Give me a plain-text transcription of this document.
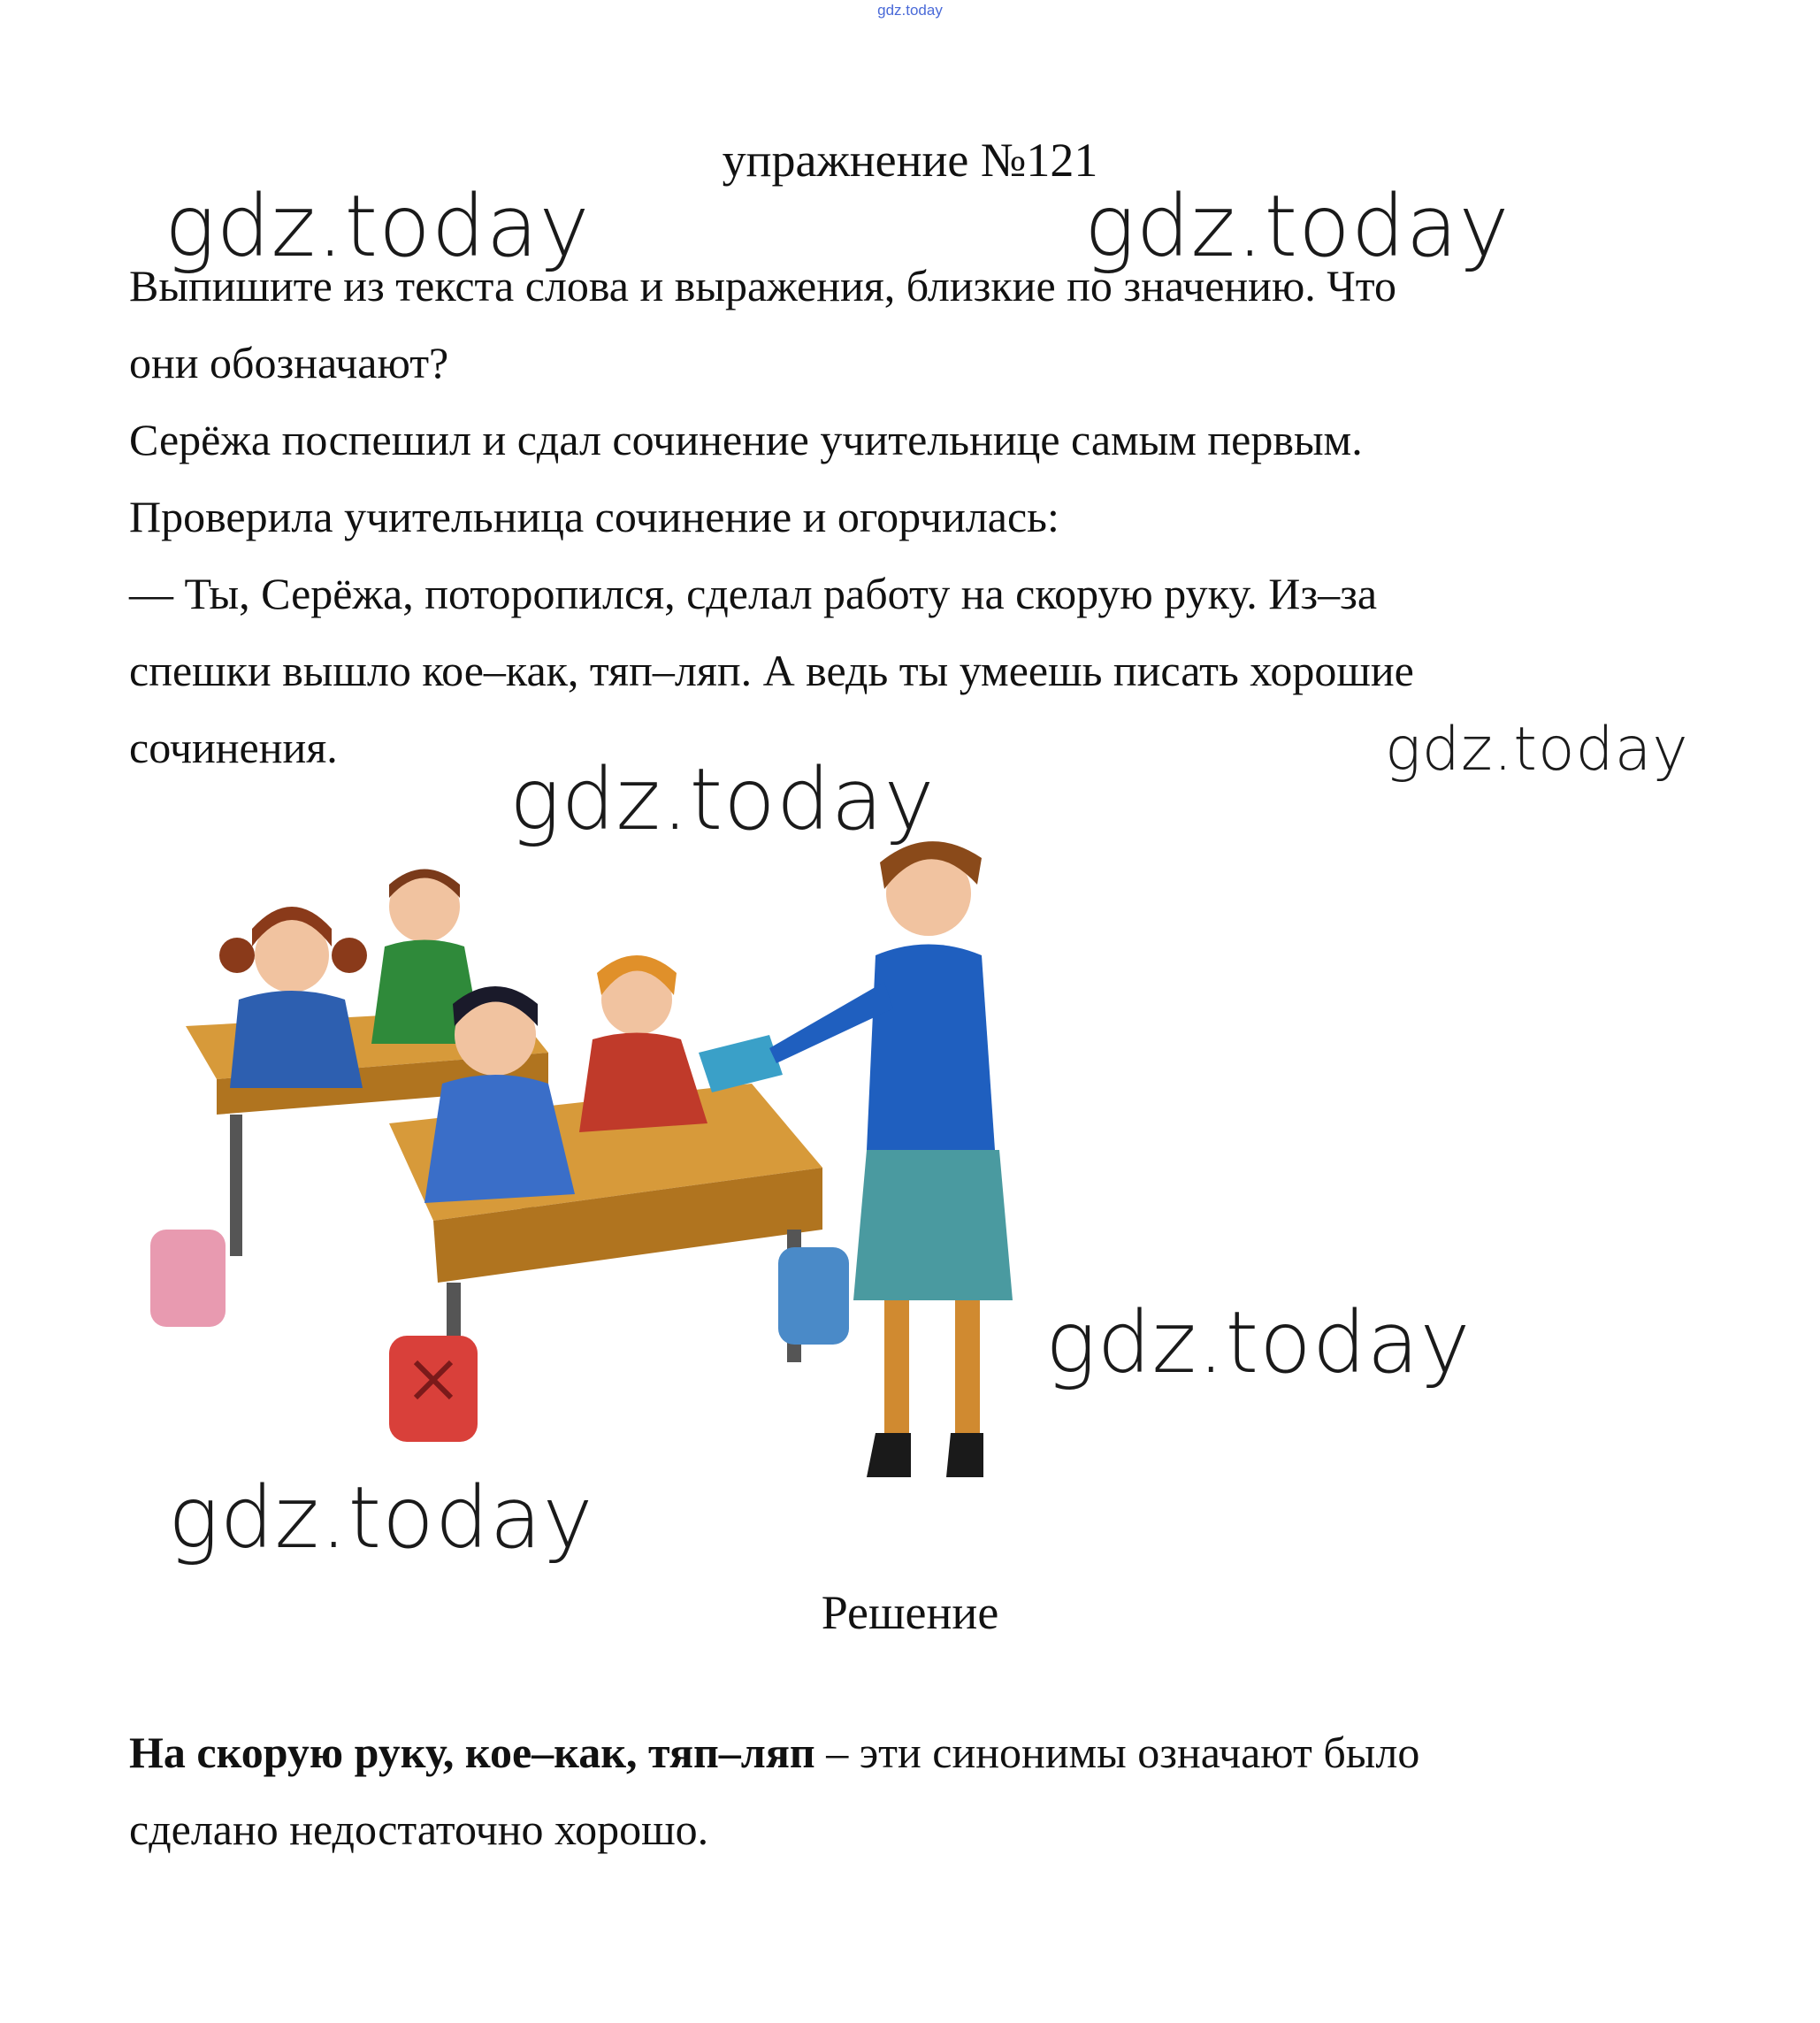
gdz.today
упражнение №121

Выпишите из текста слова и выражения, близкие по значению. Что

они обозначают?

Серёжа поспешил и сдал сочинение учительнице самым первым.

Проверила учительница сочинение и огорчилась:

— Ты, Серёжа, поторопился, сделал работу на скорую руку. Из–за

спешки вышло кое–как, тяп–ляп. А ведь ты умеешь писать хорошие

сочинения.

gdz.today	gdz.today
gdz.today
gdz.today
gdz.today
gdz.today
Решение

На скорую руку, кое–как, тяп–ляп – эти синонимы означают было

сделано недостаточно хорошо.
